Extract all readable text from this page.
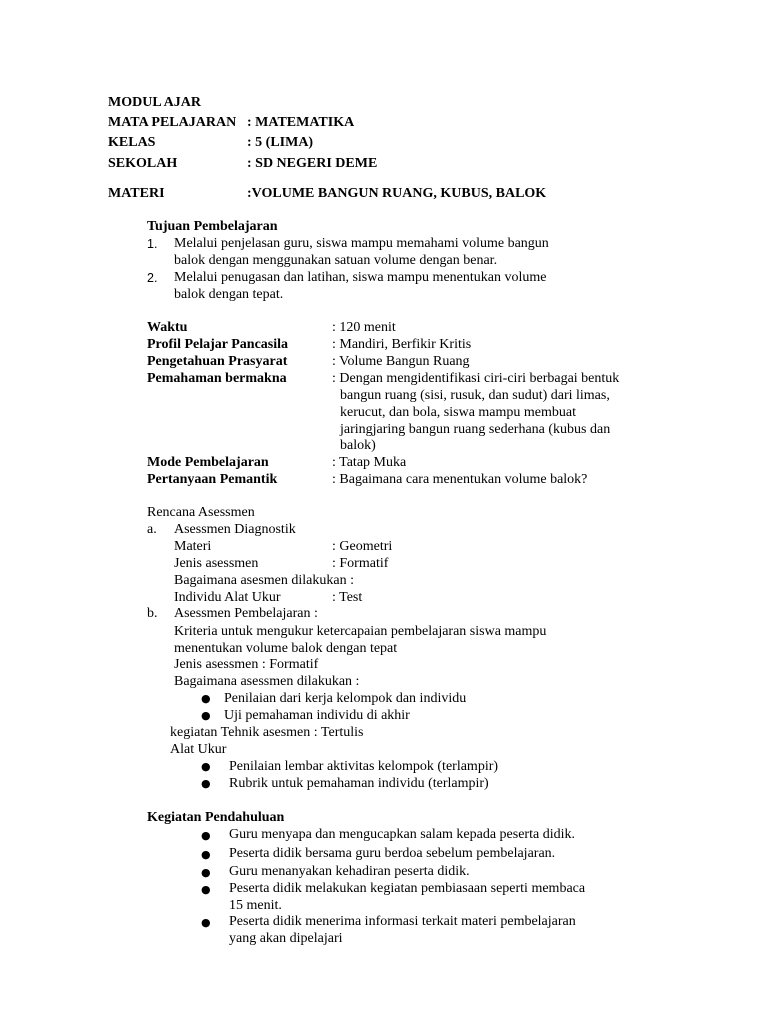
MODUL AJAR
MATA PELAJARAN : MATEMATIKA
KELAS	: 5 (LIMA)
SEKOLAH	: SD NEGERI DEME
MATERI	:VOLUME BANGUN RUANG, KUBUS, BALOK
Tujuan Pembelajaran
1. Melalui penjelasan guru, siswa mampu memahami volume bangun
balok dengan menggunakan satuan volume dengan benar.
2. Melalui penugasan dan latihan, siswa mampu menentukan volume
balok dengan tepat.
Waktu	: 120 menit
Profil Pelajar Pancasila	: Mandiri, Berfikir Kritis
Pengetahuan Prasyarat	: Volume Bangun Ruang
Pemahaman bermakna	: Dengan mengidentifikasi ciri-ciri berbagai bentuk
bangun ruang (sisi, rusuk, dan sudut) dari limas,
kerucut, dan bola, siswa mampu membuat
jaringjaring bangun ruang sederhana (kubus dan
balok)
Mode Pembelajaran	: Tatap Muka
Pertanyaan Pemantik	: Bagaimana cara menentukan volume balok?
Rencana Asessmen
a. Asessmen Diagnostik
Materi	: Geometri
Jenis asessmen	: Formatif
Bagaimana asesmen dilakukan :
Individu Alat Ukur	: Test
b. Asessmen Pembelajaran :
Kriteria untuk mengukur ketercapaian pembelajaran siswa mampu
menentukan volume balok dengan tepat
Jenis asessmen : Formatif
Bagaimana asessmen dilakukan :
● Penilaian dari kerja kelompok dan individu
● Uji pemahaman individu di akhir
kegiatan Tehnik asesmen : Tertulis
Alat Ukur
● Penilaian lembar aktivitas kelompok (terlampir)
● Rubrik untuk pemahaman individu (terlampir)
Kegiatan Pendahuluan
● Guru menyapa dan mengucapkan salam kepada peserta didik.
● Peserta didik bersama guru berdoa sebelum pembelajaran.
● Guru menanyakan kehadiran peserta didik.
● Peserta didik melakukan kegiatan pembiasaan seperti membaca
15 menit.
● Peserta didik menerima informasi terkait materi pembelajaran
yang akan dipelajari
